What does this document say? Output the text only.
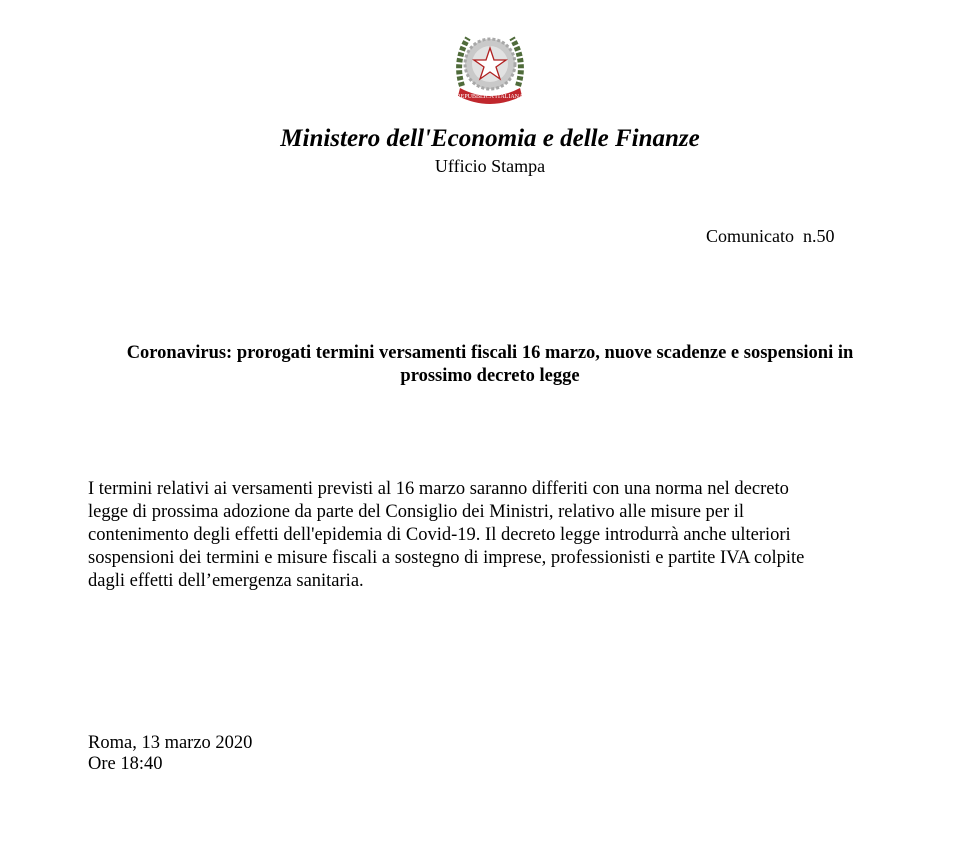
REPUBBLICA ITALIANA
Ministero dell'Economia e delle Finanze
Ufficio Stampa
Comunicato  n.50
Coronavirus: prorogati termini versamenti fiscali 16 marzo, nuove scadenze e sospensioni in
prossimo decreto legge
I termini relativi ai versamenti previsti al 16 marzo saranno differiti con una norma nel decreto
legge di prossima adozione da parte del Consiglio dei Ministri, relativo alle misure per il
contenimento degli effetti dell'epidemia di Covid-19. Il decreto legge introdurrà anche ulteriori
sospensioni dei termini e misure fiscali a sostegno di imprese, professionisti e partite IVA colpite
dagli effetti dell’emergenza sanitaria.
Roma, 13 marzo 2020
Ore 18:40
